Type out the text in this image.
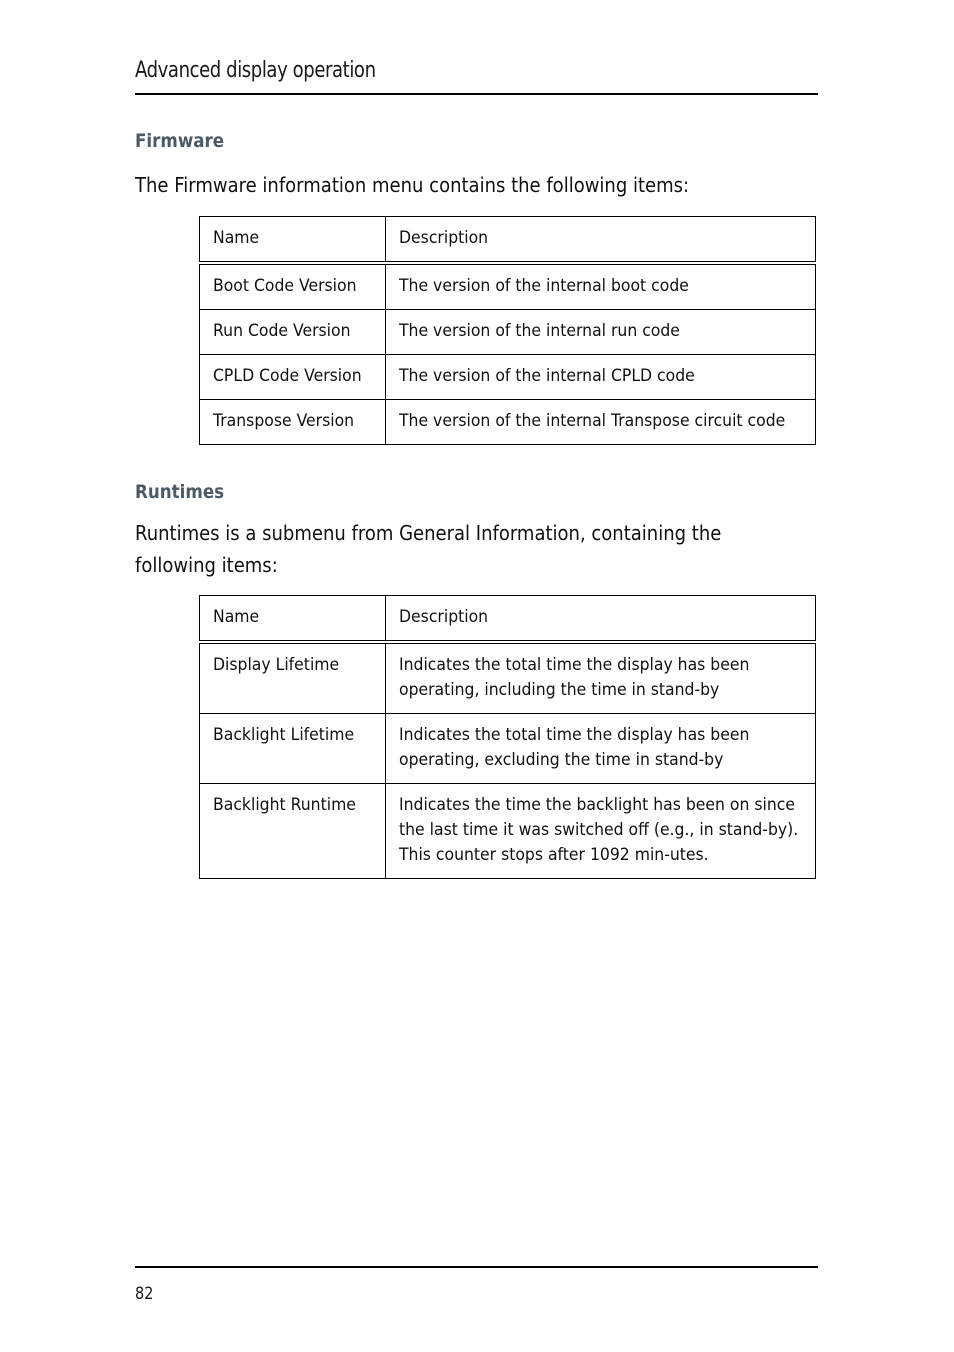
Advanced display operation
Firmware
The Firmware information menu contains the following items:
Name	Description

Boot Code Version	The version of the internal boot code

Run Code Version	The version of the internal run code

CPLD Code Version	The version of the internal CPLD code

Transpose Version	The version of the internal Transpose circuit code
Runtimes
Runtimes is a submenu from General Information, containing the following items:
Name	Description

Display Lifetime	Indicates the total time the display has been operating, including the time in stand-by

Backlight Lifetime	Indicates the total time the display has been operating, excluding the time in stand-by

Backlight Runtime	Indicates the time the backlight has been on since the last time it was switched off (e.g., in stand-by). This counter stops after 1092 min-utes.
82
